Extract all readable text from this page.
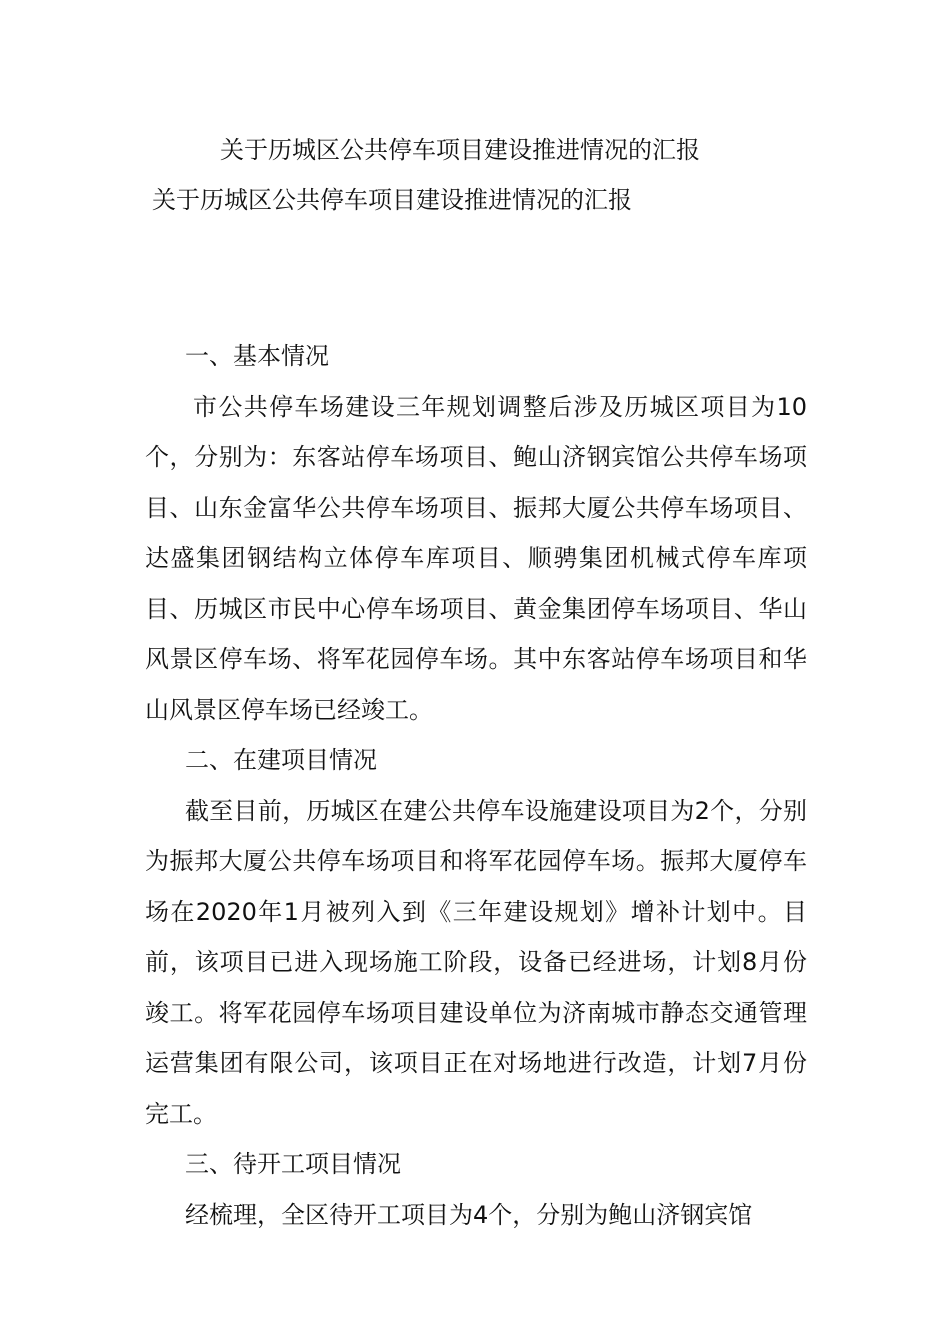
关于历城区公共停车项目建设推进情况的汇报
关于历城区公共停车项目建设推进情况的汇报

一、基本情况

市公共停车场建设三年规划调整后涉及历城区项目为10个，分别为：东客站停车场项目、鲍山济钢宾馆公共停车场项目、山东金富华公共停车场项目、振邦大厦公共停车场项目、达盛集团钢结构立体停车库项目、顺骋集团机械式停车库项目、历城区市民中心停车场项目、黄金集团停车场项目、华山风景区停车场、将军花园停车场。其中东客站停车场项目和华山风景区停车场已经竣工。

二、在建项目情况

截至目前，历城区在建公共停车设施建设项目为2个，分别为振邦大厦公共停车场项目和将军花园停车场。振邦大厦停车场在2020年1月被列入到《三年建设规划》增补计划中。目前，该项目已进入现场施工阶段，设备已经进场，计划8月份竣工。将军花园停车场项目建设单位为济南城市静态交通管理运营集团有限公司，该项目正在对场地进行改造，计划7月份完工。

三、待开工项目情况

经梳理，全区待开工项目为4个，分别为鲍山济钢宾馆
